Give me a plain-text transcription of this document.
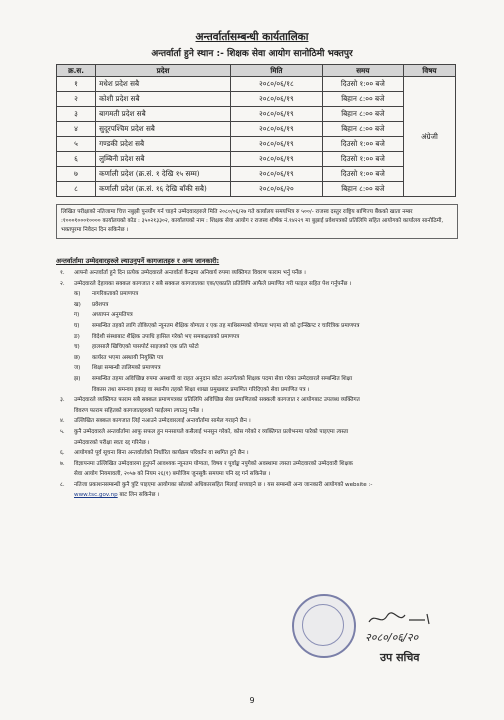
अन्तर्वार्तासम्बन्धी कार्यतालिका
अन्तर्वार्ता हुने स्थान :- शिक्षक सेवा आयोग सानोठिमी भक्तपुर
क्र.स.	प्रदेश	मिति	समय	विषय
१	मधेश प्रदेश सबै	२०८०/०६/१८	दिउसो १:०० बजे	अंग्रेजी
२	कोशी प्रदेश सबै	२०८०/०६/१९	बिहान ८:०० बजे	
३	बागमती प्रदेश सबै	२०८०/०६/१९	बिहान ८:०० बजे	
४	सुदूरपश्चिम प्रदेश सबै	२०८०/०६/१९	बिहान ८:०० बजे	
५	गण्डकी प्रदेश सबै	२०८०/०६/१९	दिउसो १:०० बजे	
६	लुम्बिनी प्रदेश सबै	२०८०/०६/१९	दिउसो १:०० बजे	
७	कर्णाली प्रदेश (क्र.सं. १ देखि १५ सम्म)	२०८०/०६/१९	दिउसो १:०० बजे	
८	कर्णाली प्रदेश (क्र.सं. १६ देखि बाँकी सबै)	२०८०/०६/२०	बिहान ८:०० बजे	
लिखित परीक्षाको नतिजामा चित्त नबुझी पुनर्योग गर्न चाहने उम्मेदवारहरुले मिति २०८०/०६/२७ गते कार्यालय समयभित्र रु ५००/- राजस्व दस्तुर राष्ट्रिय बाणिज्य बैंकको खाता नम्बर :१०००१०००१०००० कार्यालयको कोड : ३५०२१३३०२, कार्यालयको नाम : शिक्षक सेवा आयोग र राजस्व शीर्षक नं.१४२२९ मा बुझाई प्रवेशपत्रको प्रतिलिपि सहित आयोगको कार्यालय सानोठिमी, भक्तपुरमा निवेदन दिन सकिनेछ ।
अन्तर्वार्तामा उम्मेदवारहरुले ल्याउनुपर्ने कागजातहरु र अन्य जानकारी:
१.	आफ्नो अन्तर्वार्ता हुने दिन प्रत्येक उम्मेदवारले अन्तर्वार्ता कैन्द्रमा अनिवार्य रुपमा व्यक्तिगत विवरण फाराम भर्नु पर्नेछ ।
२.	उम्मेदवारले देहायका सक्कल कागजात र सबै सक्कल कागजातका एक/एकप्रति प्रतिलिपि आफैले प्रमाणित गरी फाइल सहित पेश गर्नुपर्नेछ ।
क)	नागरिकताको प्रमाणपत्र
ख)	प्रवेशपत्र
ग)	अध्यापन अनुमतिपत्र
घ)	सम्बन्धित तहको लागि तोकिएको न्यूनतम शैक्षिक योग्यता र एक तह माथिसम्मको योग्यता भएमा सो को ट्रान्स्क्रिप्ट र चारित्रिक प्रमाणपत्र
ङ)	विदेशी संस्थाबाट शैक्षिक उपाधि हासिल गरेको भए समकक्षताको प्रमाणपत्र
च)	हालसालै खिचिएको पासपोर्ट साइजको एक प्रति फोटो
छ)	कार्यरत भएमा अस्थायी नियुक्ति पत्र
ज)	शिक्षा सम्बन्धी तालिमको प्रमाणपत्र
झ)	सम्बन्धित तहमा अविच्छिन्न रुपमा अस्थायी वा राहत अनुदान कोटा अन्तर्गतको शिक्षक पदमा सेवा गरेका उम्मेदवारले सम्बन्धित शिक्षा
विकास तथा समन्वय इकाइ वा स्थानीय तहको शिक्षा शाखा प्रमुखबाट प्रमाणित गरिदिएको सेवा प्रमाणित पत्र ।
३.	उम्मेदवारले व्यक्तिगत फाराम सबै सक्कल प्रमाणपत्रका प्रतिलिपि अविच्छिन्न सेवा प्रमाणितको सक्कली कागजात र आयोगबाट उपलब्ध व्यक्तिगत
विवरण फाराम सहितको कागजातहरुको फाईलमा ल्याउनु पर्नेछ ।
४.	उल्लिखित सक्कल कागजात लिई नआउने उम्मेदवारलाई अन्तर्वार्तामा सामेल गराइने छैन ।
५.	कुनै उम्मेदवारले अन्तर्वार्तामा आफू सफल हुन मनसायले कसैलाई भनसुन गरेको, कोस गरेको र व्यक्तिगत प्रलोभनमा पारेको पाइएमा त्यस्ता
उम्मेदवारको परीक्षा स्वतः रद्द गरिनेछ ।
६.	आयोगको पूर्व सूचना बिना अन्तर्वार्ताको निर्धारित कार्यक्रम परिवर्तन वा स्थगित हुने छैन ।
७.	विज्ञापनमा उल्लिखित उम्मेदवारमा हुनुपर्ने आवश्यक न्यूनतम योग्यता, विषय र पूर्वाङ्क नपुगेको अवस्थामा त्यस्ता उम्मेदवारको उम्मेदवारी शिक्षक
सेवा आयोग नियमावली, २०५७ को नियम २६(१) बमोजिम जुनसुकै समयमा पनि रद्द गर्न सकिनेछ ।
८.	नतिजा प्रकाशनसम्बन्धी कुनै त्रुटि पाइएमा आयोगका स्रोतको अधिकारसहित मिलाई सच्याइने छ । यस सम्बन्धी अन्य जानकारी आयोगको website :-
www.tsc.gov.np बाट लिन सकिनेछ ।
२०८०/०६/२०
उप सचिव
9
